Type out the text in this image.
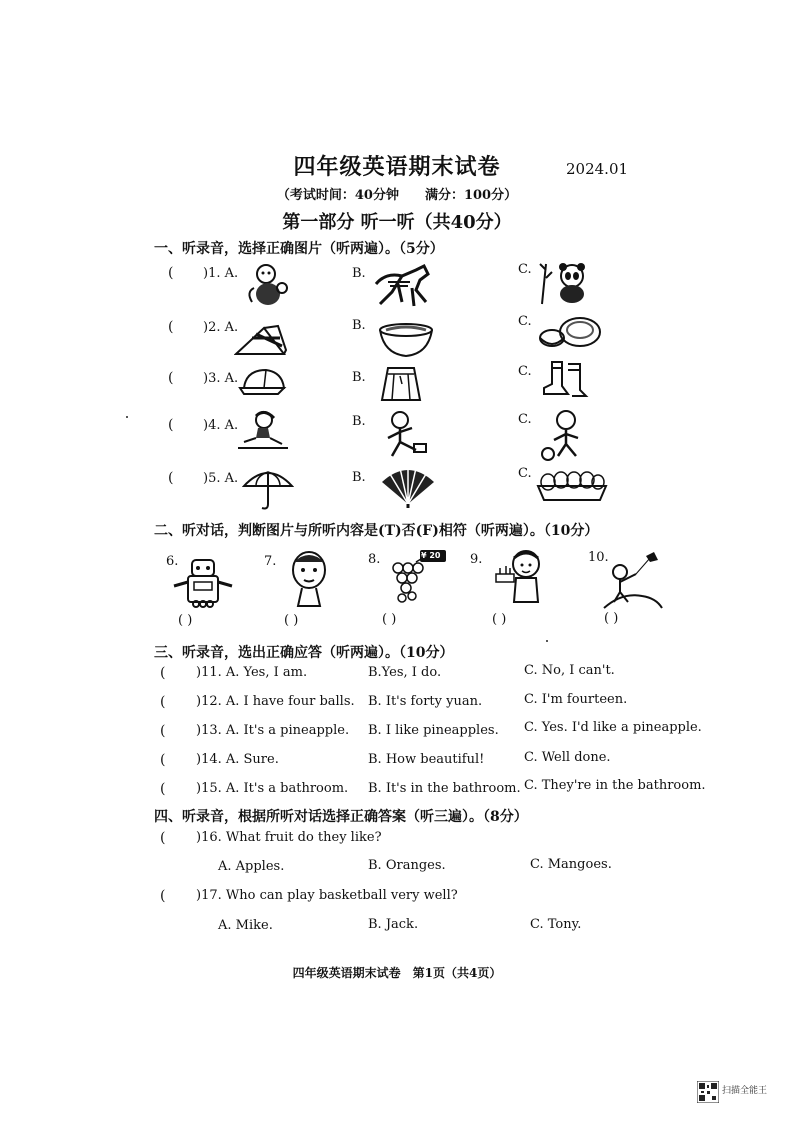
四年级英语期末试卷	2024.01
（考试时间：40分钟　　满分：100分）
第一部分 听一听（共40分）
一、听录音，选择正确图片（听两遍）。（5分）
( )1. A.	B.	C.
( )2. A.	B.	C.
( )3. A.	B.	C.
( )4. A.	B.	C.
( )5. A.	B.	C.
二、听对话，判断图片与所听内容是(T)否(F)相符（听两遍）。（10分）
6.	7.	8.	¥ 20 9.	10.
( )	( )	( )	( )	( )
三、听录音，选出正确应答（听两遍）。（10分）
( )11. A. Yes, I am.	B.Yes, I do.	C. No, I can't.
( )12. A. I have four balls. B. It's forty yuan.	C. I'm fourteen.
( )13. A. It's a pineapple. B. I like pineapples. C. Yes. I'd like a pineapple.
( )14. A. Sure.	B. How beautiful!	C. Well done.
( )15. A. It's a bathroom. B. It's in the bathroom. C. They're in the bathroom.
四、听录音，根据所听对话选择正确答案（听三遍）。（8分）
( )16. What fruit do they like?
A. Apples.	B. Oranges.	C. Mangoes.
( )17. Who can play basketball very well?
A. Mike.	B. Jack.	C. Tony.
四年级英语期末试卷　第1页（共4页）
扫描全能王
